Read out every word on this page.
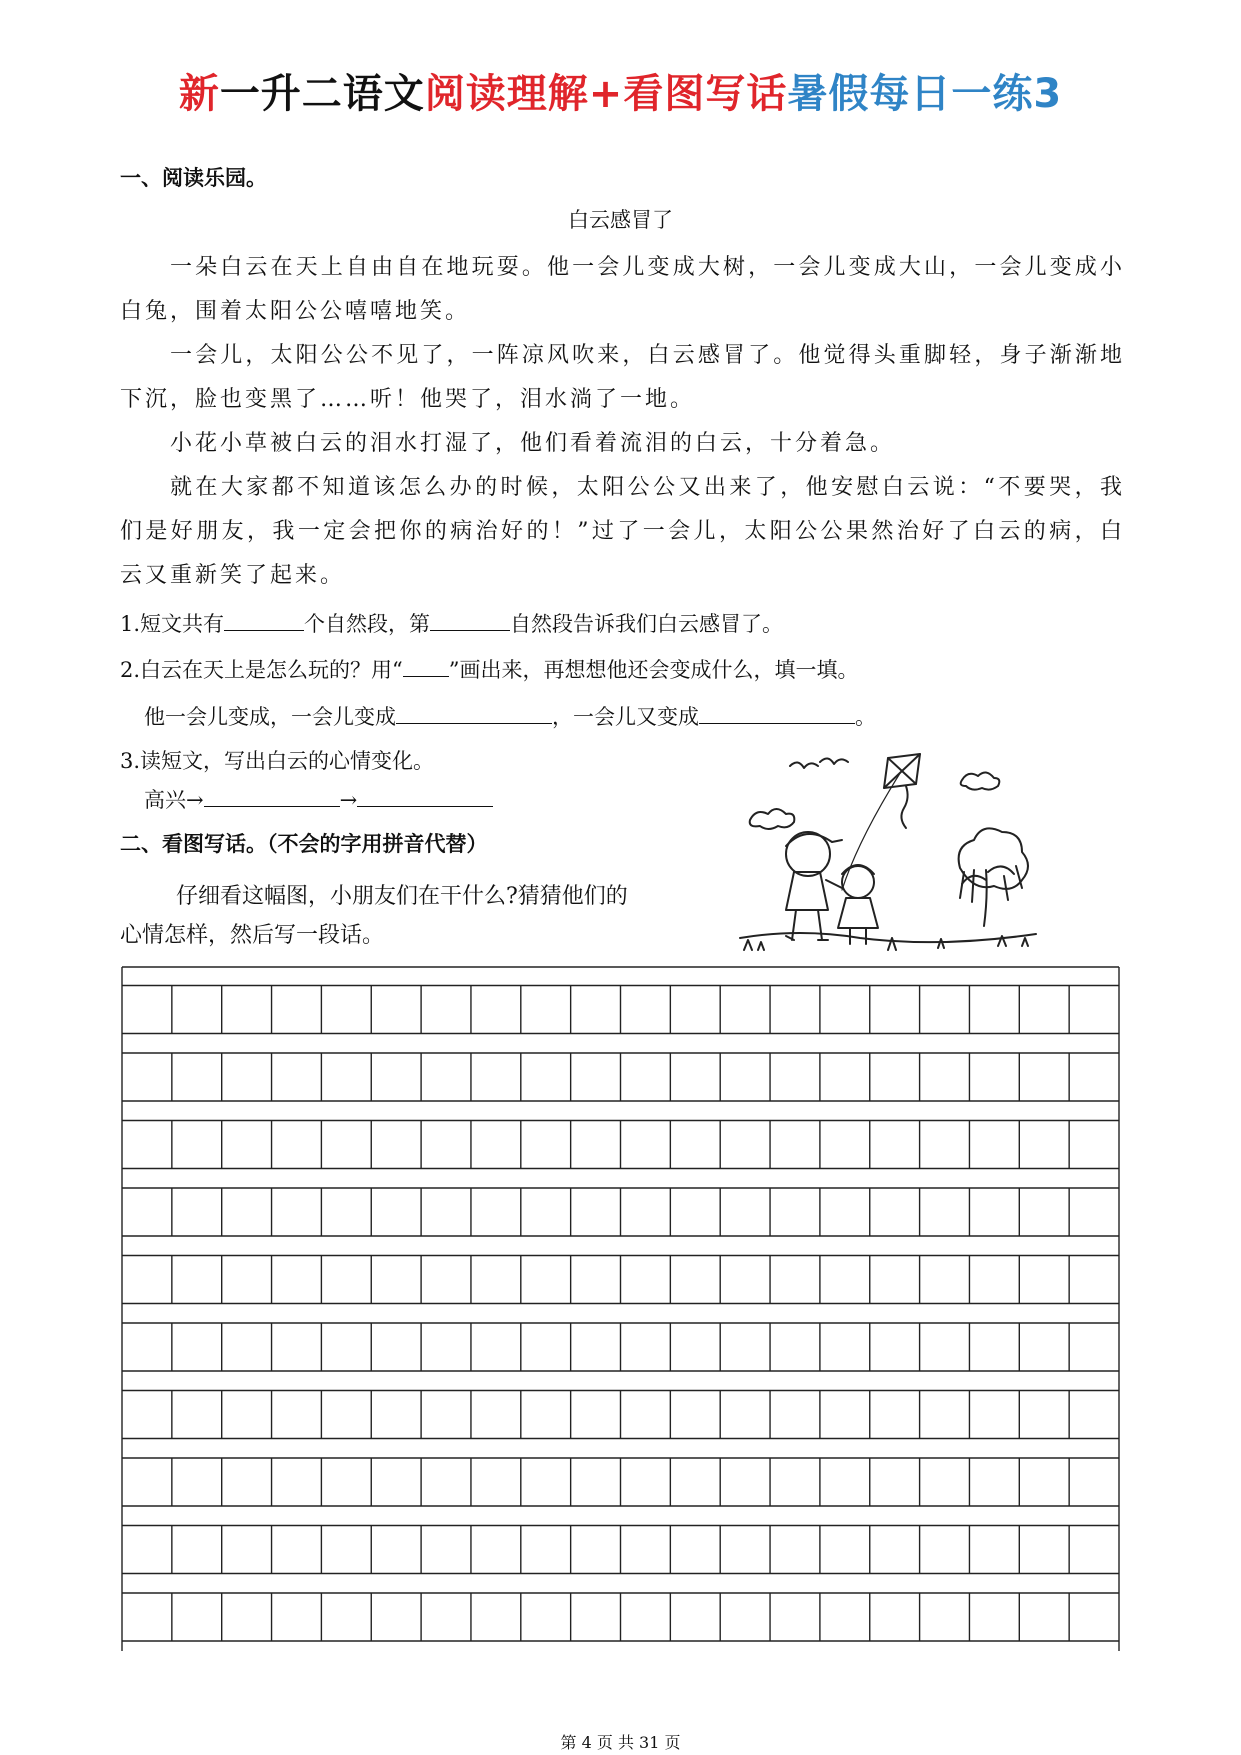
新一升二语文阅读理解+看图写话暑假每日一练3
一、阅读乐园。
白云感冒了
一朵白云在天上自由自在地玩耍。他一会儿变成大树，一会儿变成大山，一会儿变成小白兔，围着太阳公公嘻嘻地笑。
一会儿，太阳公公不见了，一阵凉风吹来，白云感冒了。他觉得头重脚轻，身子渐渐地下沉，脸也变黑了……听！他哭了，泪水淌了一地。
小花小草被白云的泪水打湿了，他们看着流泪的白云，十分着急。
就在大家都不知道该怎么办的时候，太阳公公又出来了，他安慰白云说：“不要哭，我们是好朋友，我一定会把你的病治好的！”过了一会儿，太阳公公果然治好了白云的病，白云又重新笑了起来。
1.短文共有	个自然段，第	自然段告诉我们白云感冒了。
2.白云在天上是怎么玩的？用“ ”画出来，再想想他还会变成什么，填一填。
他一会儿变成，一会儿变成	，一会儿又变成	。
3.读短文，写出白云的心情变化。
高兴→	→
二、看图写话。（不会的字用拼音代替）
仔细看这幅图，小朋友们在干什么?猜猜他们的
心情怎样，然后写一段话。
第 4 页 共 31 页
